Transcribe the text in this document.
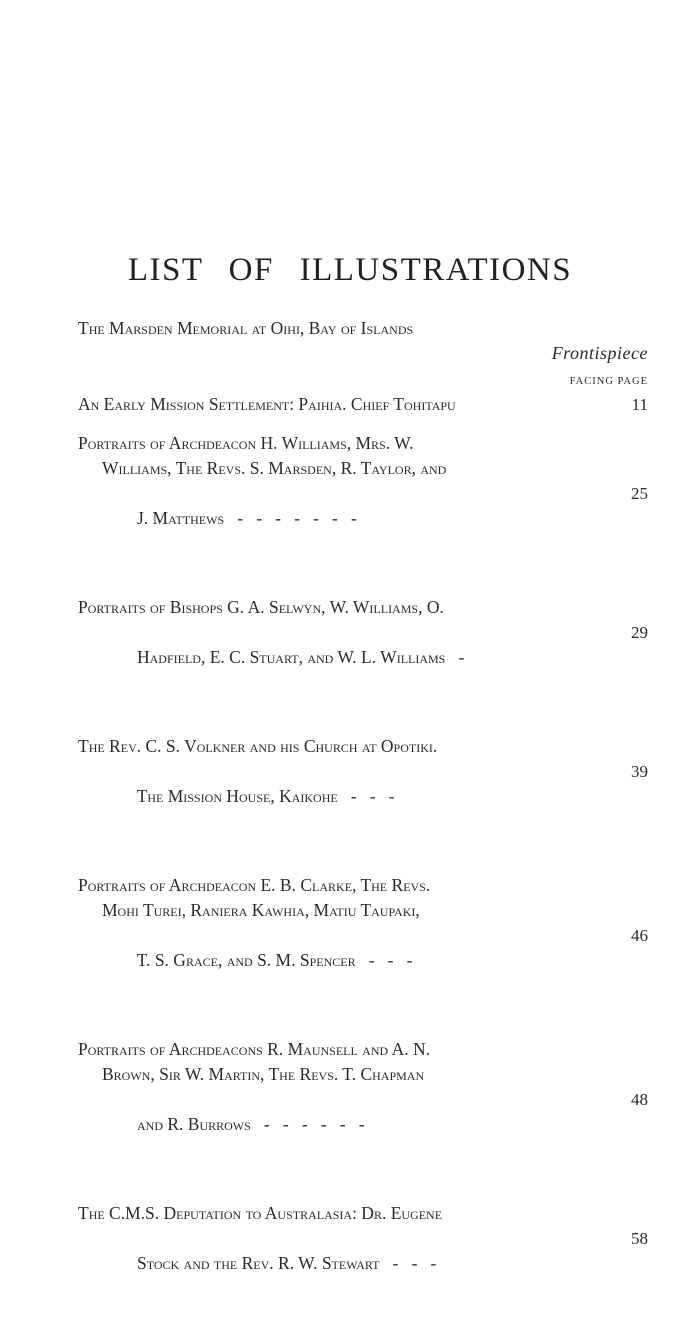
LIST OF ILLUSTRATIONS
The Marsden Memorial at Oihi, Bay of Islands
Frontispiece
FACING PAGE
An Early Mission Settlement: Paihia. Chief Tohitapu	11
Portraits of Archdeacon H. Williams, Mrs. W.
Williams, The Revs. S. Marsden, R. Taylor, and

J. Matthews   -   -   -   -   -   -   -

25

Portraits of Bishops G. A. Selwyn, W. Williams, O.

Hadfield, E. C. Stuart, and W. L. Williams   -

29

The Rev. C. S. Volkner and his Church at Opotiki.

The Mission House, Kaikohe   -   -   -

39

Portraits of Archdeacon E. B. Clarke, The Revs.
Mohi Turei, Raniera Kawhia, Matiu Taupaki,

T. S. Grace, and S. M. Spencer   -   -   -

46

Portraits of Archdeacons R. Maunsell and A. N.
Brown, Sir W. Martin, The Revs. T. Chapman

and R. Burrows   -   -   -   -   -   -

48

The C.M.S. Deputation to Australasia: Dr. Eugene

Stock and the Rev. R. W. Stewart   -   -   -

58
